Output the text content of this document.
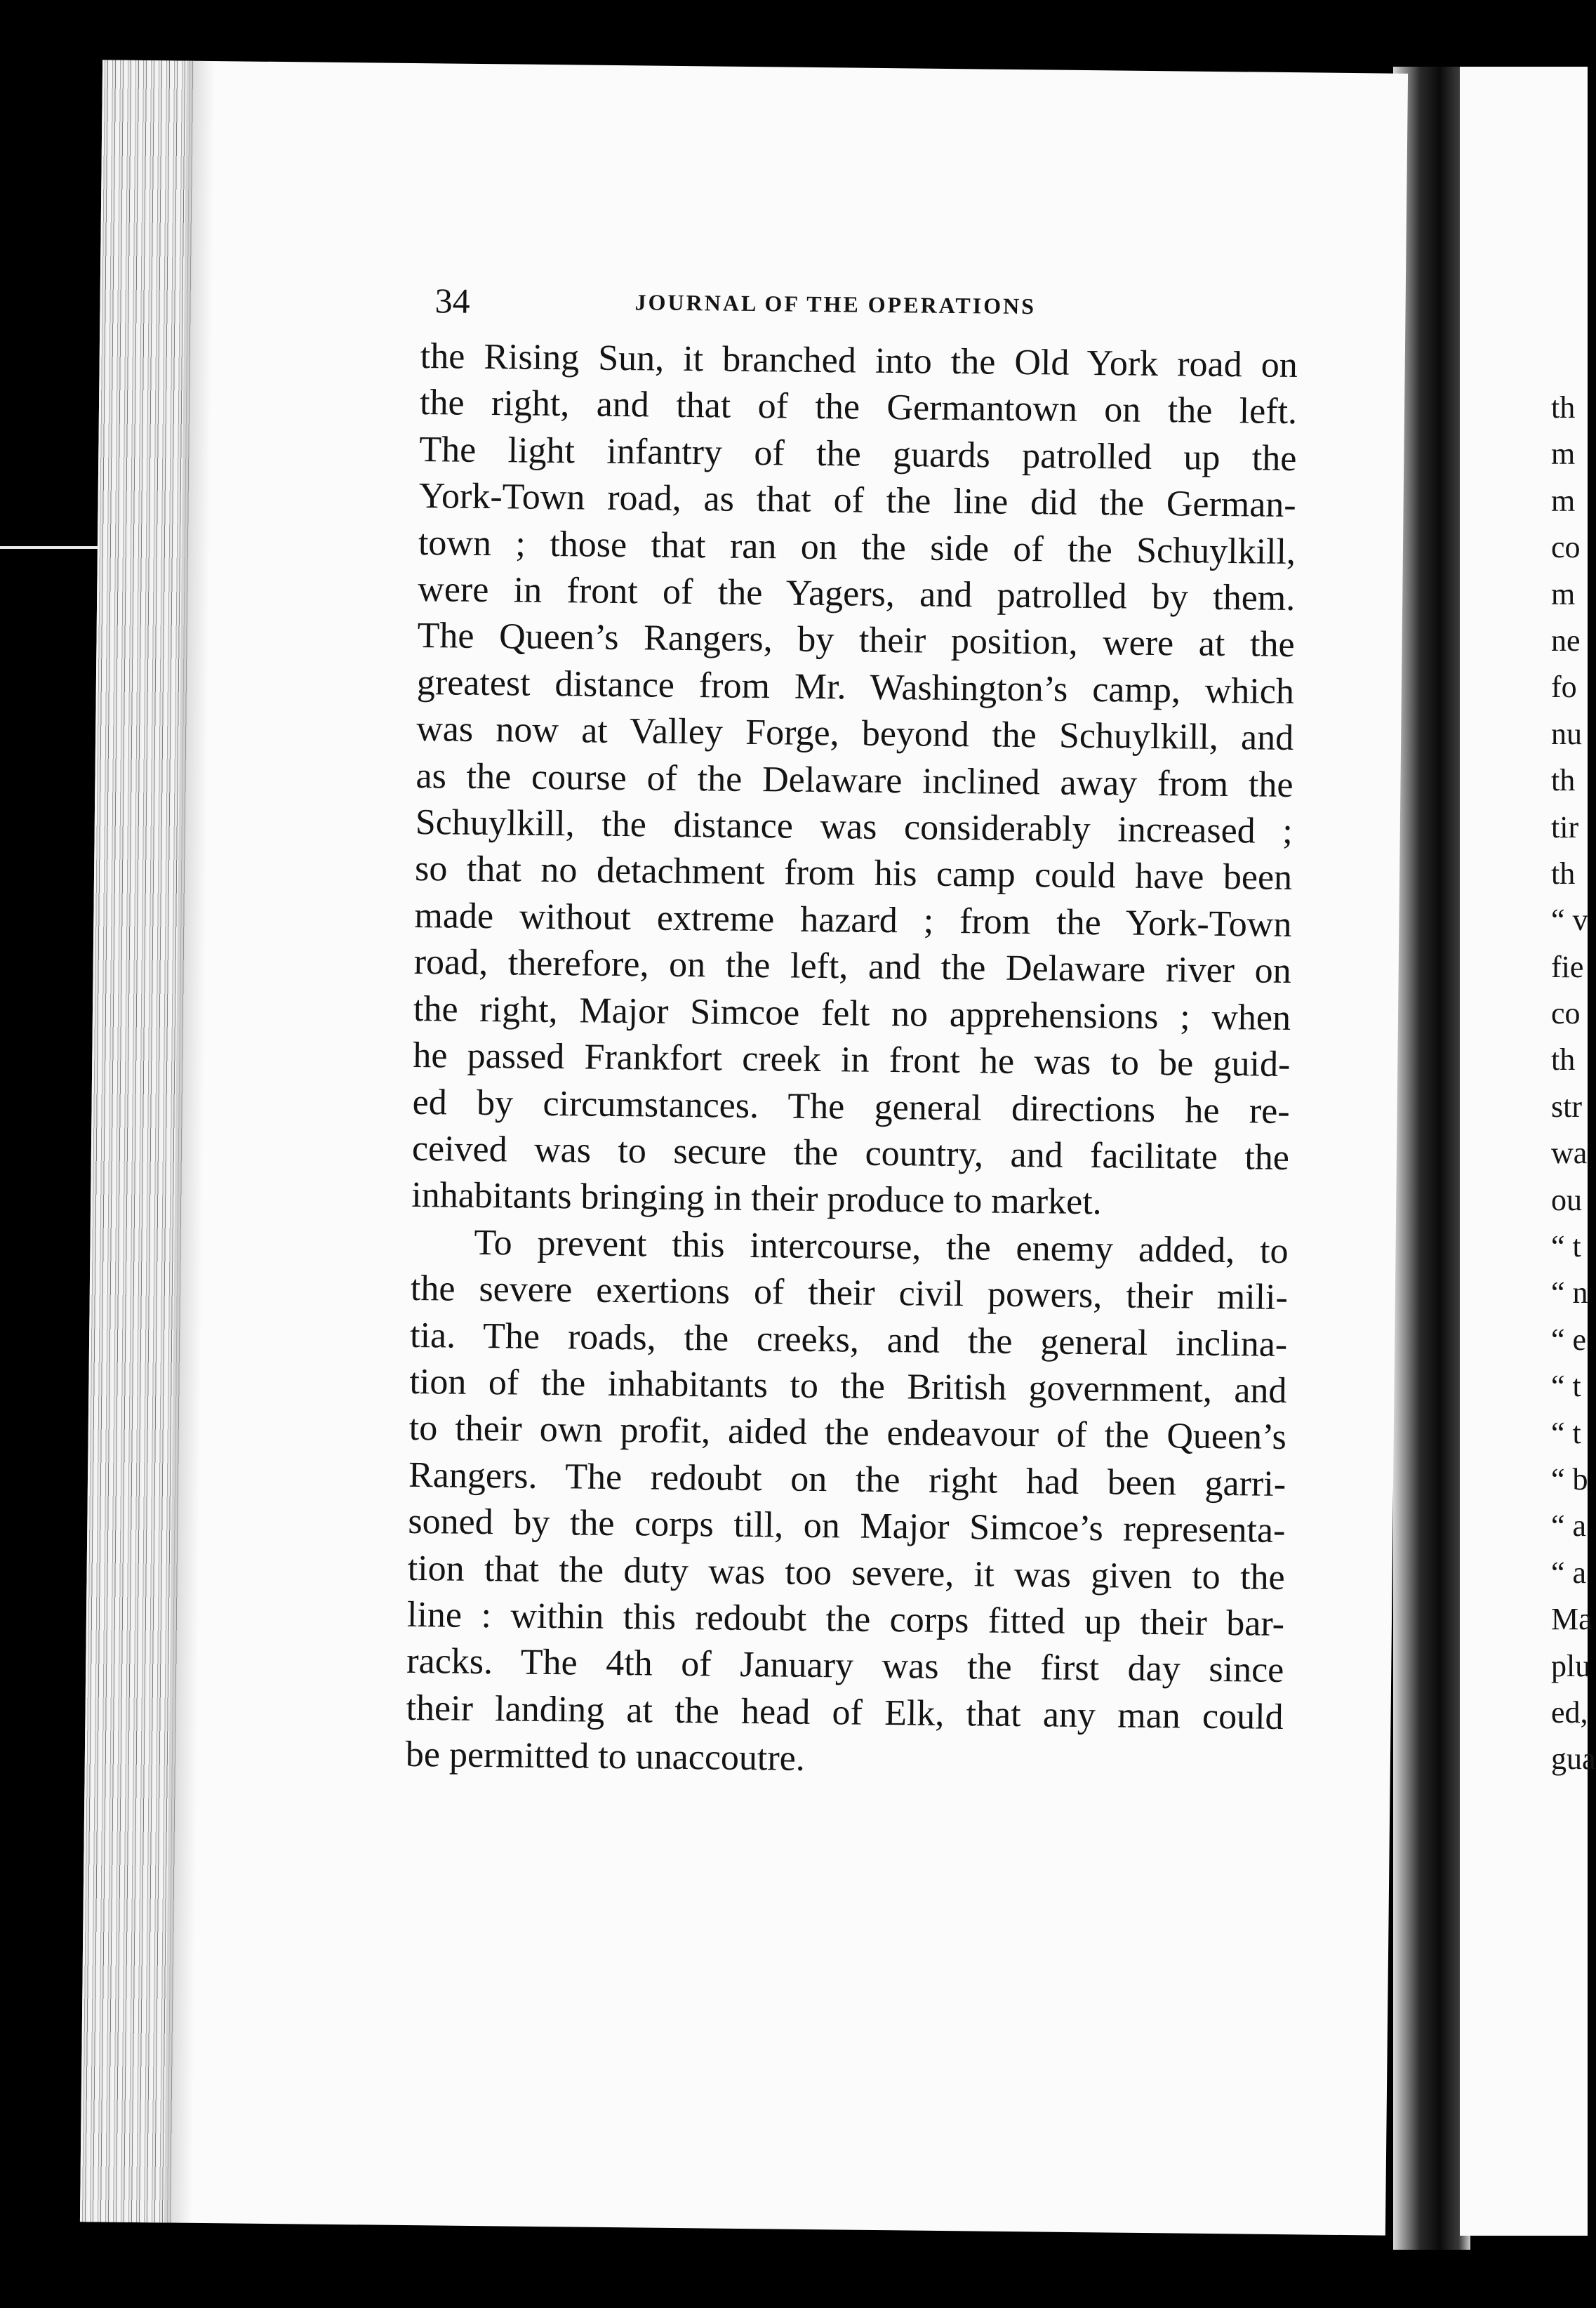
34	JOURNAL OF THE OPERATIONS
the Rising Sun, it branched into the Old York road on
the right, and that of the Germantown on the left.
The light infantry of the guards patrolled up the
York-Town road, as that of the line did the German-
town ; those that ran on the side of the Schuylkill,
were in front of the Yagers, and patrolled by them.
The Queen’s Rangers, by their position, were at the
greatest distance from Mr. Washington’s camp, which
was now at Valley Forge, beyond the Schuylkill, and
as the course of the Delaware inclined away from the
Schuylkill, the distance was considerably increased ;
so that no detachment from his camp could have been
made without extreme hazard ; from the York-Town
road, therefore, on the left, and the Delaware river on
the right, Major Simcoe felt no apprehensions ; when
he passed Frankfort creek in front he was to be guid-
ed by circumstances. The general directions he re-
ceived was to secure the country, and facilitate the
inhabitants bringing in their produce to market.
To prevent this intercourse, the enemy added, to
the severe exertions of their civil powers, their mili-
tia. The roads, the creeks, and the general inclina-
tion of the inhabitants to the British government, and
to their own profit, aided the endeavour of the Queen’s
Rangers. The redoubt on the right had been garri-
soned by the corps till, on Major Simcoe’s representa-
tion that the duty was too severe, it was given to the
line : within this redoubt the corps fitted up their bar-
racks. The 4th of January was the first day since
their landing at the head of Elk, that any man could
be permitted to unaccoutre.
th
m
m
co
m
ne
fo
nu
th
tir
th
“ v
fie
co
th
str
wa
ou
“ t
“ n
“ e
“ t
“ t
“ b
“ a
“ a
Ma
plu
ed,
gua
